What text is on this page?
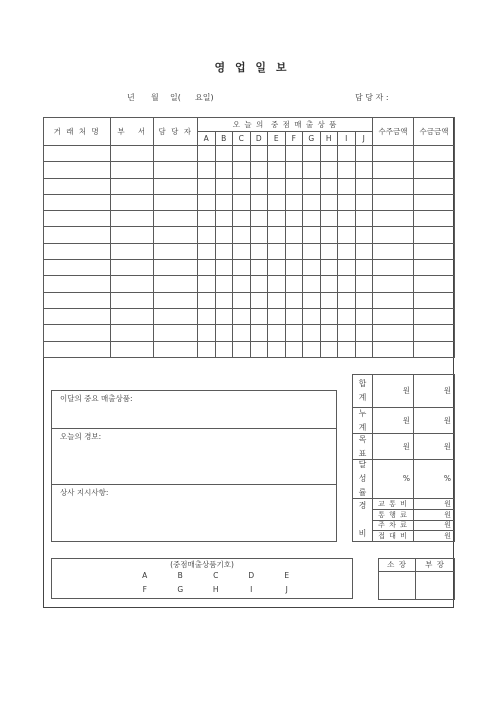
영 업 일 보
년 월 일( 요일)	담 당 자 :
거 래 처 명	부   서	담 당 자	오 늘 의  중 점 매 출 상 품										수주금액	수금금액
			A	B	C	D	E	F	G	H	I	J		

이달의 중요 매출상품:
오늘의 경보:
상사 지시사항:
합계	원	원

누계	원	원

목표	원	원

달성률	%	%

경비	교 통 비	원
	통 행 료	원
	주 차 료	원
	접 대 비	원
(중점매출상품기호)
A	B	C	D	E
F	G	H	I	J
소 장	부 장
